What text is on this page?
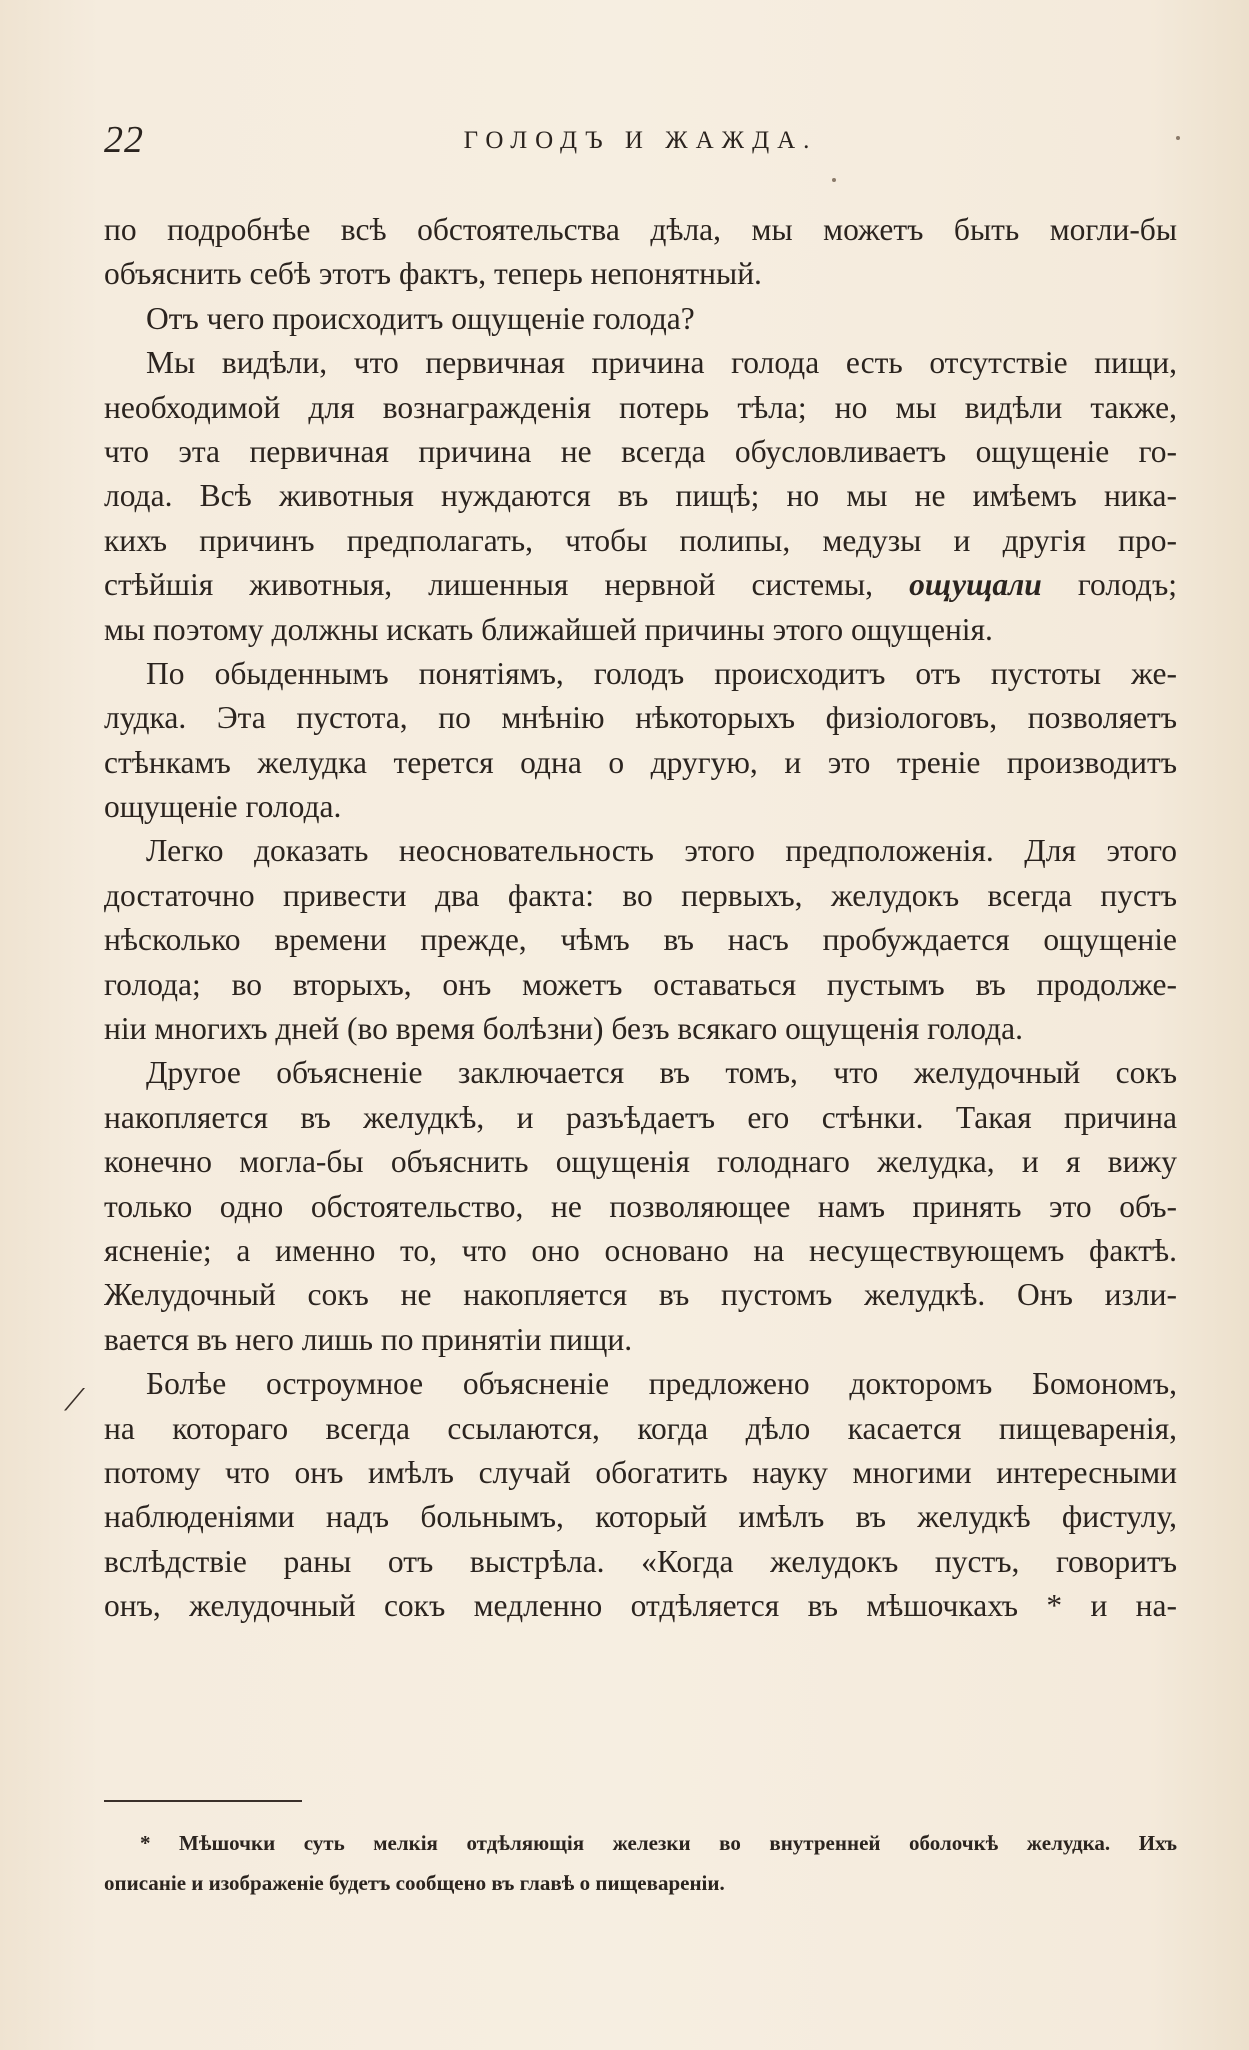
22	ГОЛОДЪ И ЖАЖДА.
по подробнѣе всѣ обстоятельства дѣла, мы можетъ быть могли-бы
объяснить себѣ этотъ фактъ, теперь непонятный.
Отъ чего происходитъ ощущеніе голода?
Мы видѣли, что первичная причина голода есть отсутствіе пищи,
необходимой для вознагражденія потерь тѣла; но мы видѣли также,
что эта первичная причина не всегда обусловливаетъ ощущеніе го-
лода. Всѣ животныя нуждаются въ пищѣ; но мы не имѣемъ ника-
кихъ причинъ предполагать, чтобы полипы, медузы и другія про-
стѣйшія животныя, лишенныя нервной системы, ощущали голодъ;
мы поэтому должны искать ближайшей причины этого ощущенія.
По обыденнымъ понятіямъ, голодъ происходитъ отъ пустоты же-
лудка. Эта пустота, по мнѣнію нѣкоторыхъ физіологовъ, позволяетъ
стѣнкамъ желудка терется одна о другую, и это треніе производитъ
ощущеніе голода.
Легко доказать неосновательность этого предположенія. Для этого
достаточно привести два факта: во первыхъ, желудокъ всегда пустъ
нѣсколько времени прежде, чѣмъ въ насъ пробуждается ощущеніе
голода; во вторыхъ, онъ можетъ оставаться пустымъ въ продолже-
ніи многихъ дней (во время болѣзни) безъ всякаго ощущенія голода.
Другое объясненіе заключается въ томъ, что желудочный сокъ
накопляется въ желудкѣ, и разъѣдаетъ его стѣнки. Такая причина
конечно могла-бы объяснить ощущенія голоднаго желудка, и я вижу
только одно обстоятельство, не позволяющее намъ принять это объ-
ясненіе; а именно то, что оно основано на несуществующемъ фактѣ.
Желудочный сокъ не накопляется въ пустомъ желудкѣ. Онъ изли-
вается въ него лишь по принятіи пищи.
Болѣе остроумное объясненіе предложено докторомъ Бомономъ,
на котораго всегда ссылаются, когда дѣло касается пищеваренія,
потому что онъ имѣлъ случай обогатить науку многими интересными
наблюденіями надъ больнымъ, который имѣлъ въ желудкѣ фистулу,
вслѣдствіе раны отъ выстрѣла. «Когда желудокъ пустъ, говоритъ
онъ, желудочный сокъ медленно отдѣляется въ мѣшочкахъ * и на-
⟋
* Мѣшочки суть мелкія отдѣляющія железки во внутренней оболочкѣ желудка. Ихъ
описаніе и изображеніе будетъ сообщено въ главѣ о пищевареніи.
